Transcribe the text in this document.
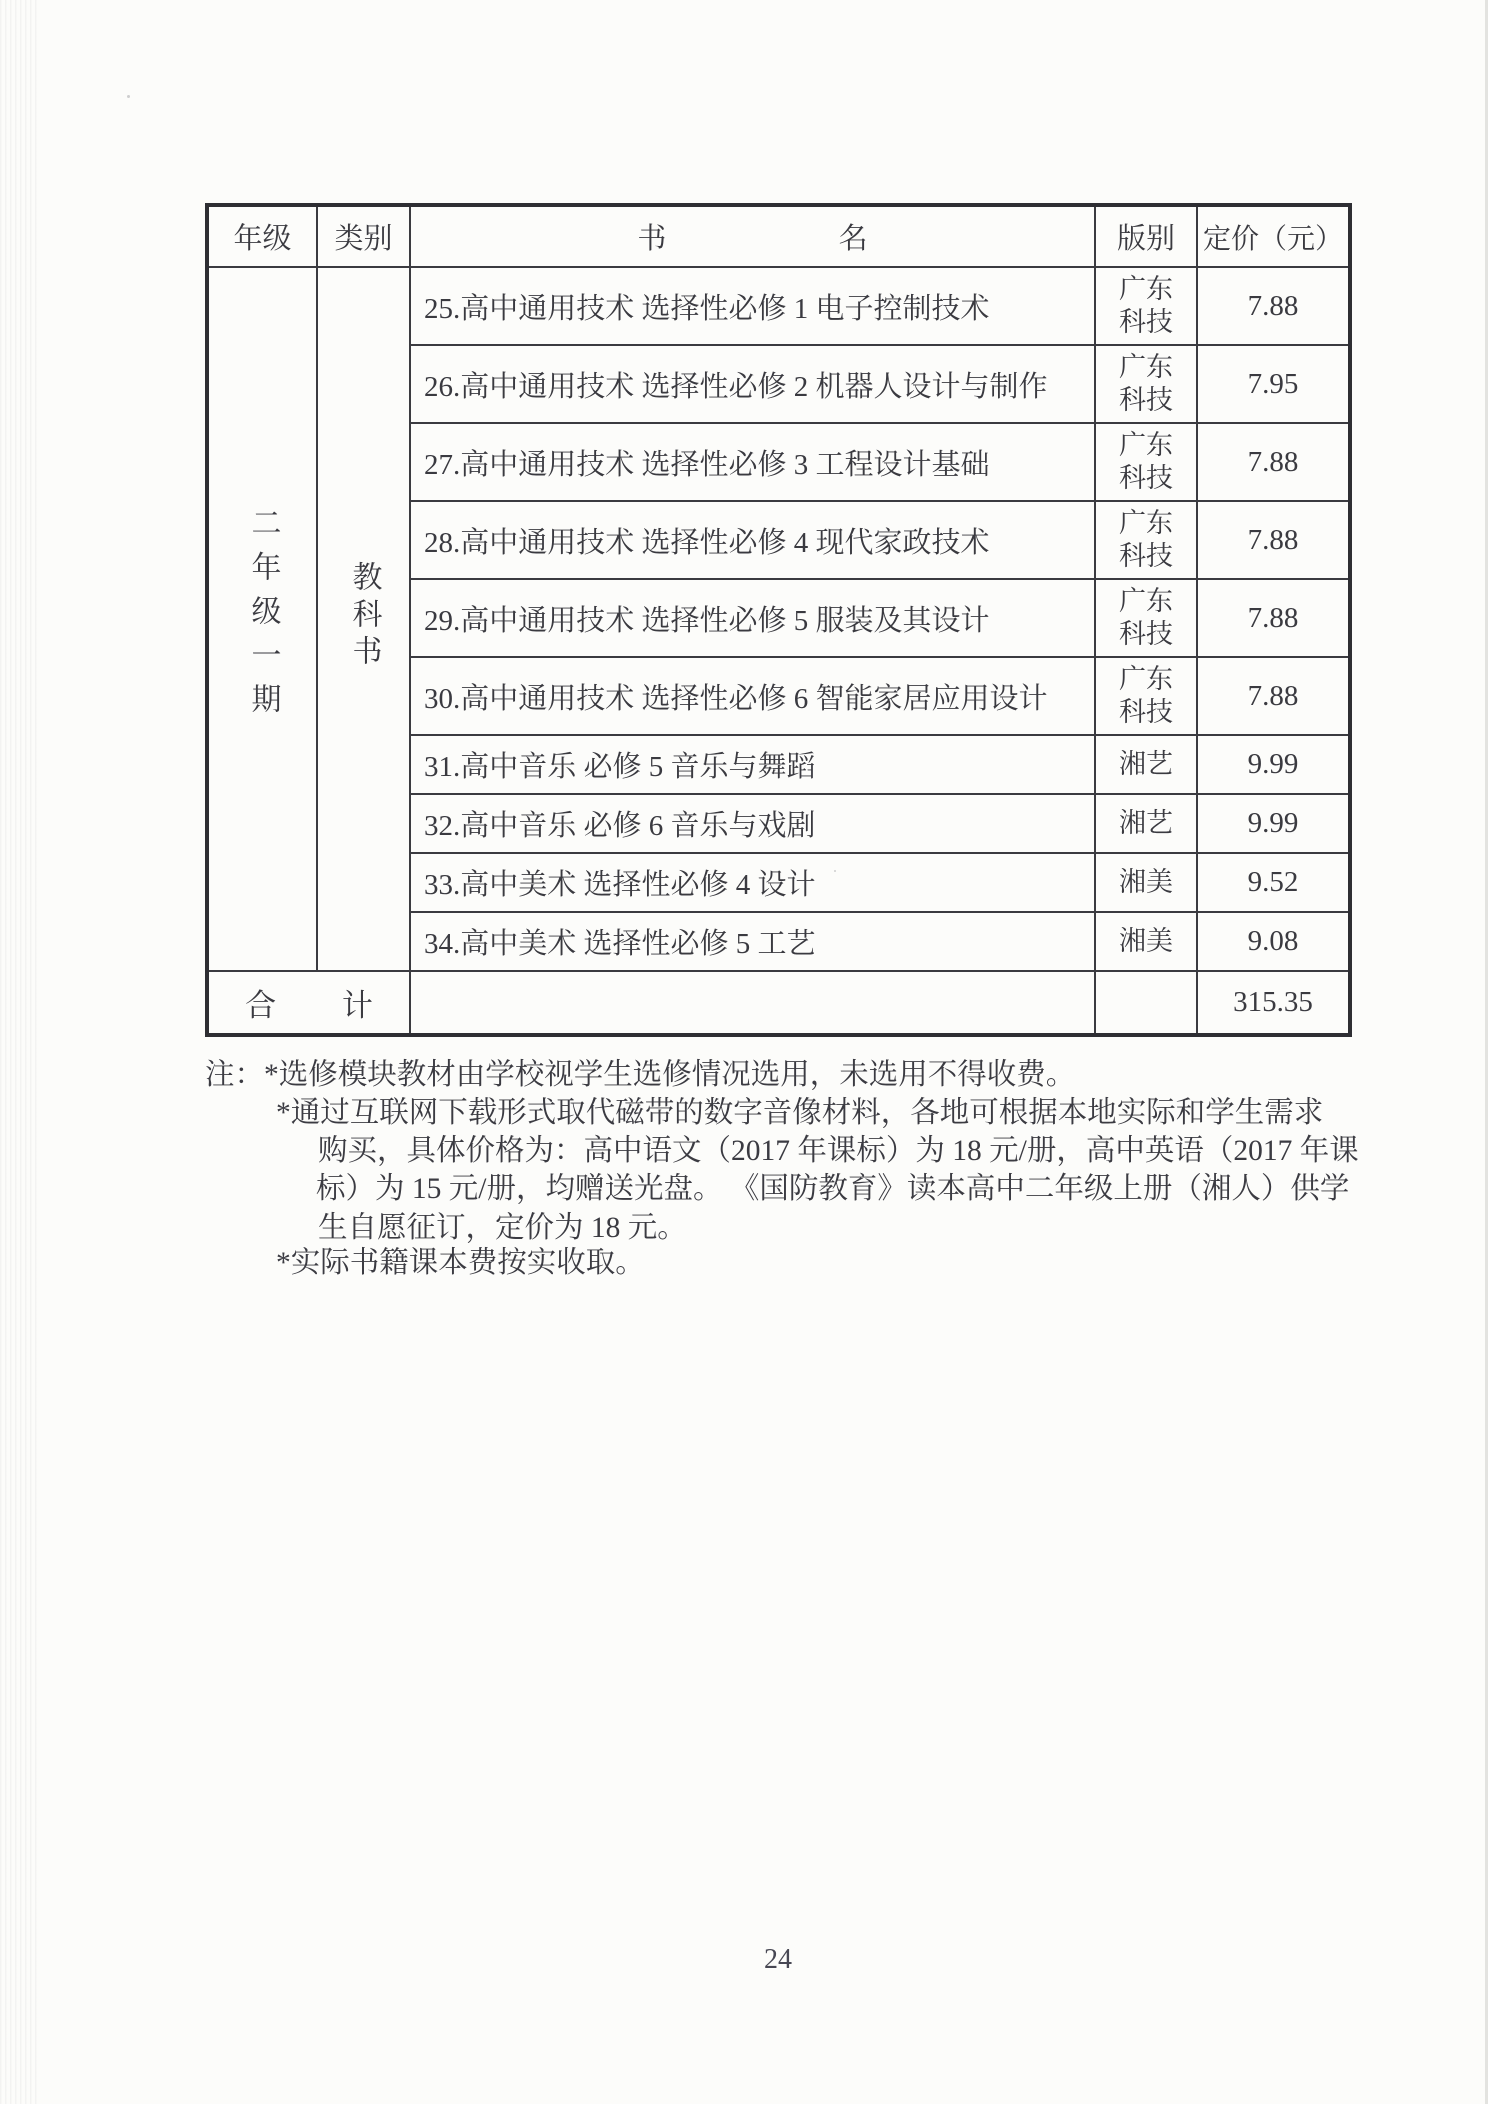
年级	类别	书 名	版别	定价（元）
二年级一期	教科书	25.高中通用技术 选择性必修 1 电子控制技术	广东科技	7.88
		26.高中通用技术 选择性必修 2 机器人设计与制作	广东科技	7.95
		27.高中通用技术 选择性必修 3 工程设计基础	广东科技	7.88
		28.高中通用技术 选择性必修 4 现代家政技术	广东科技	7.88
		29.高中通用技术 选择性必修 5 服装及其设计	广东科技	7.88
		30.高中通用技术 选择性必修 6 智能家居应用设计	广东科技	7.88
		31.高中音乐 必修 5 音乐与舞蹈	湘艺	9.99
		32.高中音乐 必修 6 音乐与戏剧	湘艺	9.99
		33.高中美术 选择性必修 4 设计	湘美	9.52
		34.高中美术 选择性必修 5 工艺	湘美	9.08
合 计				315.35
注：*选修模块教材由学校视学生选修情况选用，未选用不得收费。
*通过互联网下载形式取代磁带的数字音像材料，各地可根据本地实际和学生需求
购买，具体价格为：高中语文（2017 年课标）为 18 元/册，高中英语（2017 年课
标）为 15 元/册，均赠送光盘。 《国防教育》读本高中二年级上册（湘人）供学
生自愿征订，定价为 18 元。
*实际书籍课本费按实收取。
24
